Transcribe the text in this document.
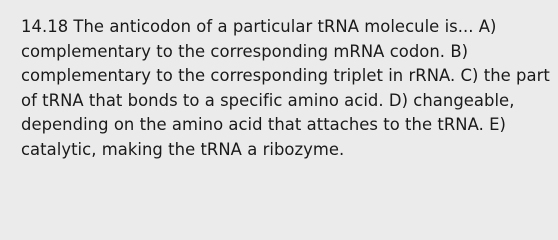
14.18 The anticodon of a particular tRNA molecule is... A)
complementary to the corresponding mRNA codon. B)
complementary to the corresponding triplet in rRNA. C) the part
of tRNA that bonds to a specific amino acid. D) changeable,
depending on the amino acid that attaches to the tRNA. E)
catalytic, making the tRNA a ribozyme.
